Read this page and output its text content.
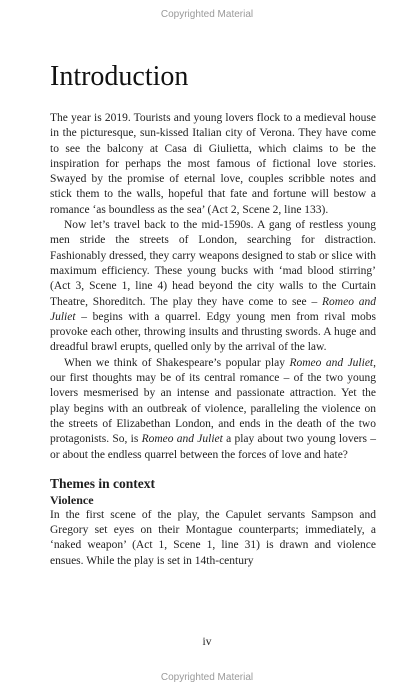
Copyrighted Material
Introduction

The year is 2019. Tourists and young lovers flock to a medieval house in the picturesque, sun-kissed Italian city of Verona. They have come to see the balcony at Casa di Giulietta, which claims to be the inspiration for perhaps the most famous of fictional love stories. Swayed by the promise of eternal love, couples scribble notes and stick them to the walls, hopeful that fate and fortune will bestow a romance ‘as boundless as the sea’ (Act 2, Scene 2, line 133).

Now let’s travel back to the mid-1590s. A gang of restless young men stride the streets of London, searching for distraction. Fashionably dressed, they carry weapons designed to stab or slice with maximum efficiency. These young bucks with ‘mad blood stirring’ (Act 3, Scene 1, line 4) head beyond the city walls to the Curtain Theatre, Shoreditch. The play they have come to see – Romeo and Juliet – begins with a quarrel. Edgy young men from rival mobs provoke each other, throwing insults and thrusting swords. A huge and dreadful brawl erupts, quelled only by the arrival of the law.

When we think of Shakespeare’s popular play Romeo and Juliet, our first thoughts may be of its central romance – of the two young lovers mesmerised by an intense and passionate attraction. Yet the play begins with an outbreak of violence, paralleling the violence on the streets of Elizabethan London, and ends in the death of the two protagonists. So, is Romeo and Juliet a play about two young lovers – or about the endless quarrel between the forces of love and hate?

Themes in context
Violence

In the first scene of the play, the Capulet servants Sampson and Gregory set eyes on their Montague counterparts; immediately, a ‘naked weapon’ (Act 1, Scene 1, line 31) is drawn and violence ensues. While the play is set in 14th-century

iv
Copyrighted Material
